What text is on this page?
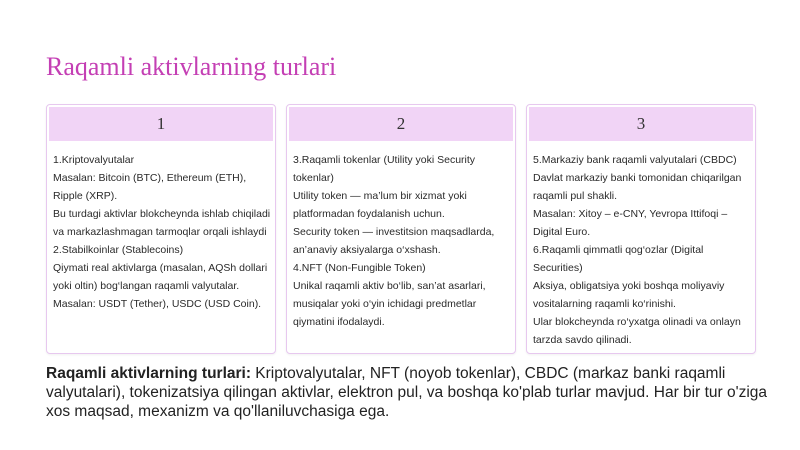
Raqamli aktivlarning turlari
1

1.Kriptovalyutalar

Masalan: Bitcoin (BTC), Ethereum (ETH), Ripple (XRP).

Bu turdagi aktivlar blokcheynda ishlab chiqiladi va markazlashmagan tarmoqlar orqali ishlaydi

2.Stabilkoinlar (Stablecoins)

Qiymati real aktivlarga (masalan, AQSh dollari yoki oltin) bog‘langan raqamli valyutalar.

Masalan: USDT (Tether), USDC (USD Coin).

2

3.Raqamli tokenlar (Utility yoki Security tokenlar)

Utility token — ma’lum bir xizmat yoki platformadan foydalanish uchun.

Security token — investitsion maqsadlarda, an’anaviy aksiyalarga o‘xshash.

4.NFT (Non-Fungible Token)

Unikal raqamli aktiv bo‘lib, san’at asarlari, musiqalar yoki o‘yin ichidagi predmetlar qiymatini ifodalaydi.

3

5.Markaziy bank raqamli valyutalari (CBDC)

Davlat markaziy banki tomonidan chiqarilgan raqamli pul shakli.

Masalan: Xitoy – e-CNY, Yevropa Ittifoqi – Digital Euro.

6.Raqamli qimmatli qog‘ozlar (Digital Securities)

Aksiya, obligatsiya yoki boshqa moliyaviy vositalarning raqamli ko‘rinishi.

Ular blokcheynda ro‘yxatga olinadi va onlayn tarzda savdo qilinadi.

Raqamli aktivlarning turlari: Kriptovalyutalar, NFT (noyob tokenlar), CBDC (markaz banki raqamli valyutalari), tokenizatsiya qilingan aktivlar, elektron pul, va boshqa ko'plab turlar mavjud. Har bir tur o'ziga xos maqsad, mexanizm va qo'llaniluvchasiga ega.
